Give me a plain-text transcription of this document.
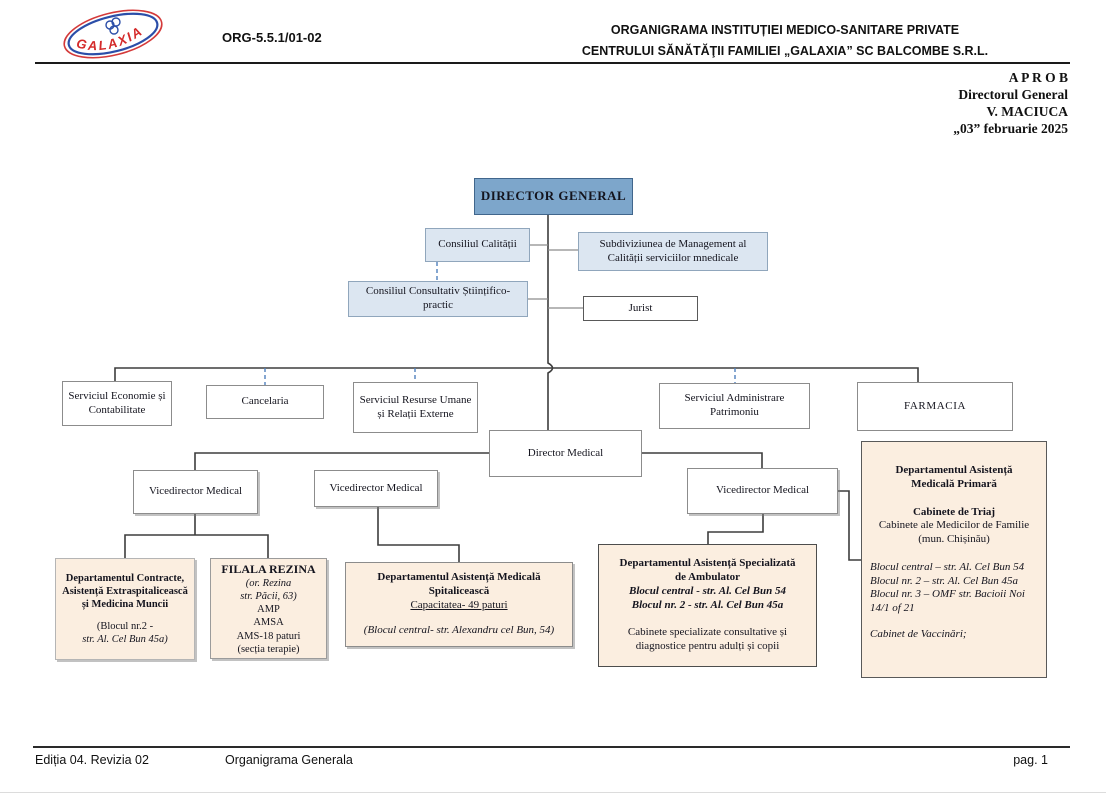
GALAXIA	ORG-5.5.1/01-02	ORGANIGRAMA INSTITUȚIEI MEDICO-SANITARE PRIVATE
CENTRULUI SĂNĂTĂŢII FAMILIEI „GALAXIA” SC BALCOMBE S.R.L.
A P R O B
Directorul General
V. MACIUCA
„03” februarie 2025
DIRECTOR GENERAL
Consiliul Calității	Subdiviziunea de Management al Calității serviciilor mnedicale
Consiliul Consultativ Științifico-practic	Jurist
Serviciul Economie și Contabilitate
Cancelaria	Serviciul Resurse Umane și Relații Externe
Serviciul Administrare Patrimoniu
FARMACIA
Director Medical
Vicedirector Medical	Vicedirector Medical	Vicedirector Medical
Departamentul Contracte, Asistență Extraspitalicească și Medicina Muncii
(Blocul nr.2 -
str. Al. Cel Bun 45a)
FILALA REZINA
(or. Rezina
str. Păcii, 63)
AMP
AMSA
AMS-18 paturi
(secția terapie)
Departamentul Asistență Medicală Spitalicească
Capacitatea- 49 paturi
(Blocul central- str. Alexandru cel Bun, 54)
Departamentul Asistență Specializată
de Ambulator
Blocul central - str. Al. Cel Bun 54
Blocul nr. 2 - str. Al. Cel Bun 45a
Cabinete specializate consultative și
diagnostice pentru adulți și copii
Departamentul Asistență
Medicală Primară
Cabinete de Triaj
Cabinete ale Medicilor de Familie
(mun. Chișinău)
Blocul central – str. Al. Cel Bun 54
Blocul nr. 2 – str. Al. Cel Bun 45a
Blocul nr. 3 – OMF str. Bacioii Noi
14/1 of 21
Cabinet de Vaccinări;
Ediția 04. Revizia 02	Organigrama Generala	pag. 1
